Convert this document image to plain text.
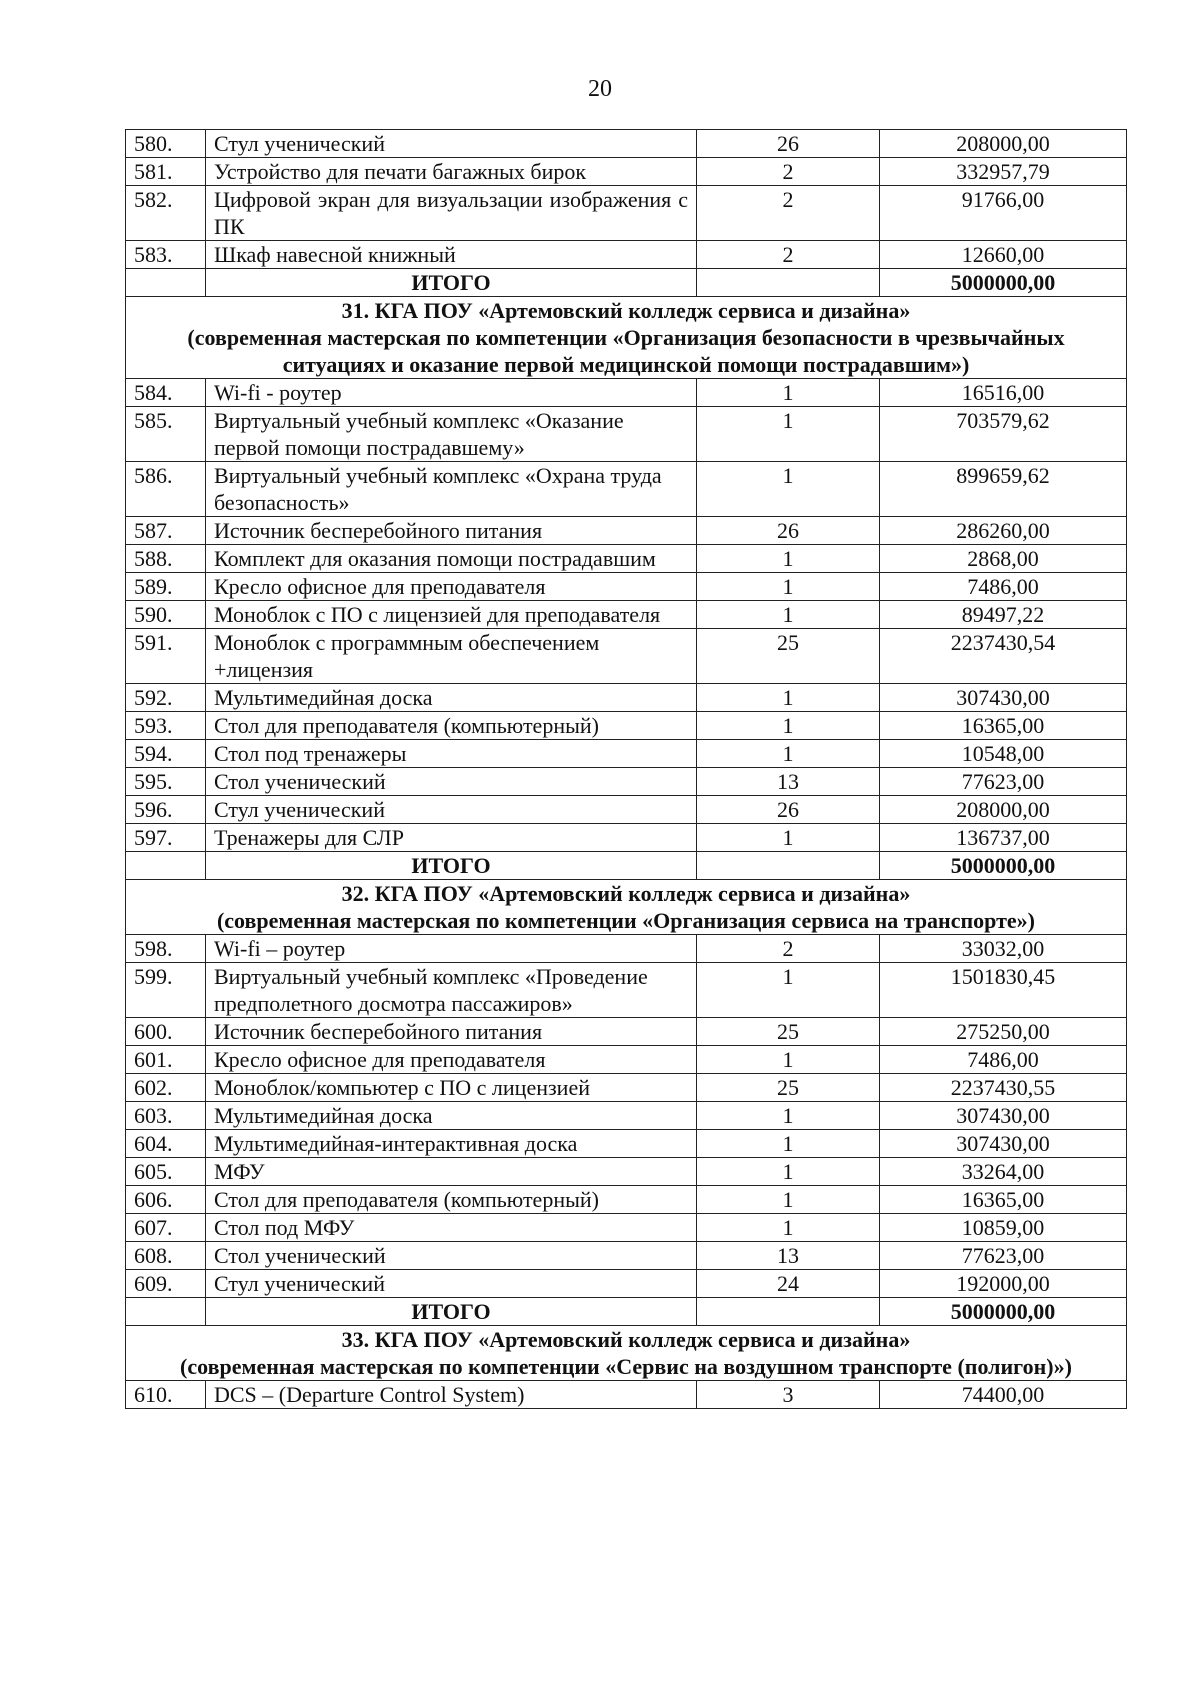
20
580.	Стул ученический	26	208000,00
581.	Устройство для печати багажных бирок	2	332957,79
582.	Цифровой экран для визуальзации изображения с ПК	2	91766,00
583.	Шкаф навесной книжный	2	12660,00
	ИТОГО		5000000,00

31. КГА ПОУ «Артемовский колледж сервиса и дизайна»
(современная мастерская по компетенции «Организация безопасности в чрезвычайных ситуациях и оказание первой медицинской помощи пострадавшим»)			

584.	Wi-fi - роутер	1	16516,00
585.	Виртуальный учебный комплекс «Оказание первой помощи пострадавшему»	1	703579,62
586.	Виртуальный учебный комплекс «Охрана труда безопасность»	1	899659,62
587.	Источник бесперебойного питания	26	286260,00
588.	Комплект для оказания помощи пострадавшим	1	2868,00
589.	Кресло офисное для преподавателя	1	7486,00
590.	Моноблок с ПО с лицензией для преподавателя	1	89497,22
591.	Моноблок с программным обеспечением +лицензия	25	2237430,54
592.	Мультимедийная доска	1	307430,00
593.	Стол для преподавателя (компьютерный)	1	16365,00
594.	Стол под тренажеры	1	10548,00
595.	Стол ученический	13	77623,00
596.	Стул ученический	26	208000,00
597.	Тренажеры для СЛР	1	136737,00
	ИТОГО		5000000,00

32. КГА ПОУ «Артемовский колледж сервиса и дизайна»
(современная мастерская по компетенции «Организация сервиса на транспорте»)			

598.	Wi-fi – роутер	2	33032,00
599.	Виртуальный учебный комплекс «Проведение предполетного досмотра пассажиров»	1	1501830,45
600.	Источник бесперебойного питания	25	275250,00
601.	Кресло офисное для преподавателя	1	7486,00
602.	Моноблок/компьютер с ПО с лицензией	25	2237430,55
603.	Мультимедийная доска	1	307430,00
604.	Мультимедийная-интерактивная доска	1	307430,00
605.	МФУ	1	33264,00
606.	Стол для преподавателя (компьютерный)	1	16365,00
607.	Стол под МФУ	1	10859,00
608.	Стол ученический	13	77623,00
609.	Стул ученический	24	192000,00
	ИТОГО		5000000,00

33. КГА ПОУ «Артемовский колледж сервиса и дизайна»
(современная мастерская по компетенции «Сервис на воздушном транспорте (полигон)»)			

610.	DCS – (Departure Control System)	3	74400,00
